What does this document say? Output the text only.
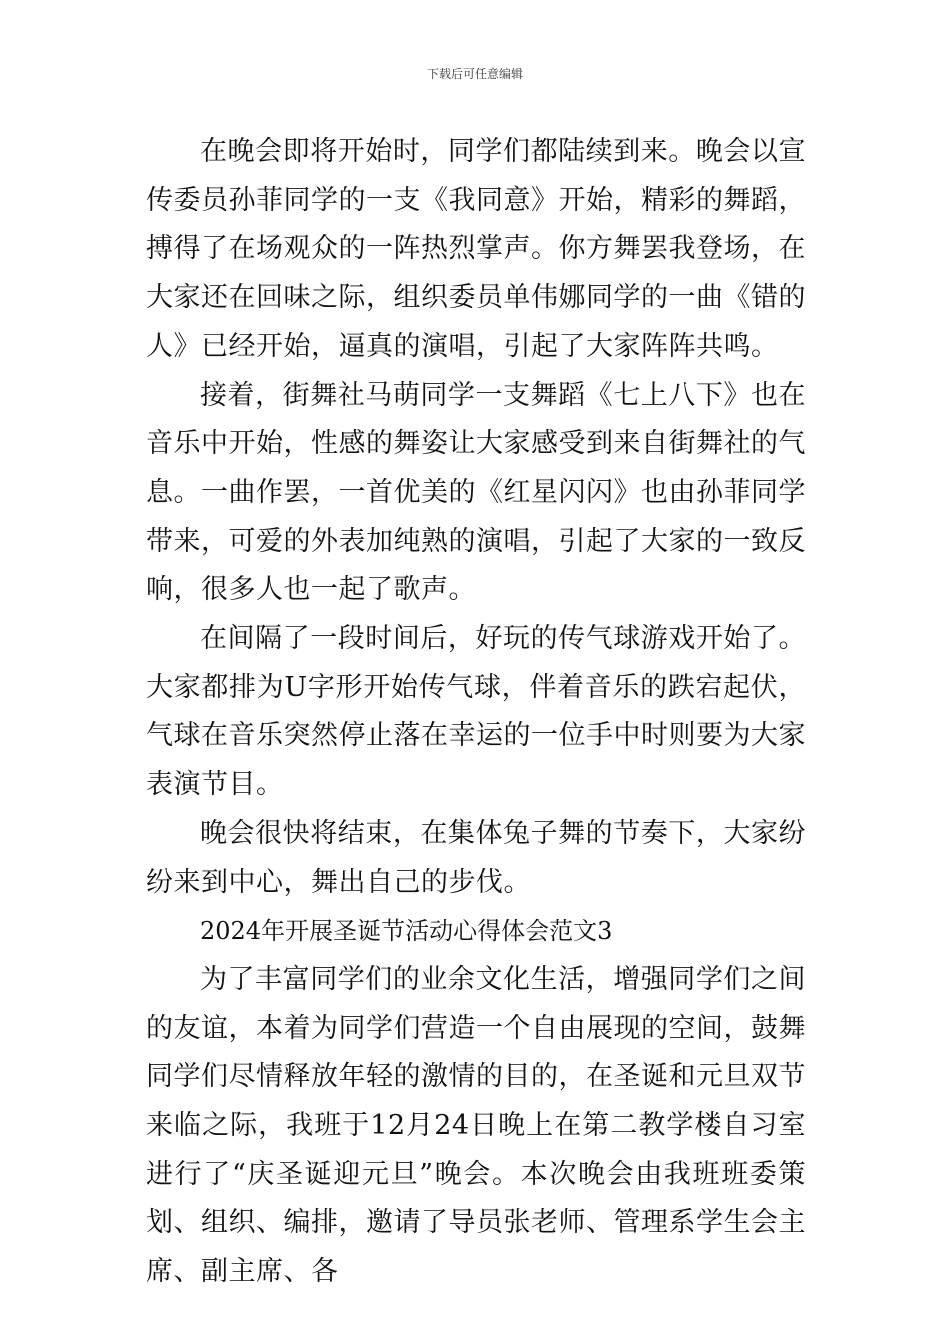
下载后可任意编辑

在晚会即将开始时，同学们都陆续到来。晚会以宣传委员孙菲同学的一支《我同意》开始，精彩的舞蹈，搏得了在场观众的一阵热烈掌声。你方舞罢我登场，在大家还在回味之际，组织委员单伟娜同学的一曲《错的人》已经开始，逼真的演唱，引起了大家阵阵共鸣。

接着，街舞社马萌同学一支舞蹈《七上八下》也在音乐中开始，性感的舞姿让大家感受到来自街舞社的气息。一曲作罢，一首优美的《红星闪闪》也由孙菲同学带来，可爱的外表加纯熟的演唱，引起了大家的一致反响，很多人也一起了歌声。

在间隔了一段时间后，好玩的传气球游戏开始了。大家都排为U字形开始传气球，伴着音乐的跌宕起伏，气球在音乐突然停止落在幸运的一位手中时则要为大家表演节目。

晚会很快将结束，在集体兔子舞的节奏下，大家纷纷来到中心，舞出自己的步伐。

2024年开展圣诞节活动心得体会范文3

为了丰富同学们的业余文化生活，增强同学们之间的友谊，本着为同学们营造一个自由展现的空间，鼓舞同学们尽情释放年轻的激情的目的，在圣诞和元旦双节来临之际，我班于12月24日晚上在第二教学楼自习室进行了“庆圣诞迎元旦”晚会。本次晚会由我班班委策划、组织、编排，邀请了导员张老师、管理系学生会主席、副主席、各
